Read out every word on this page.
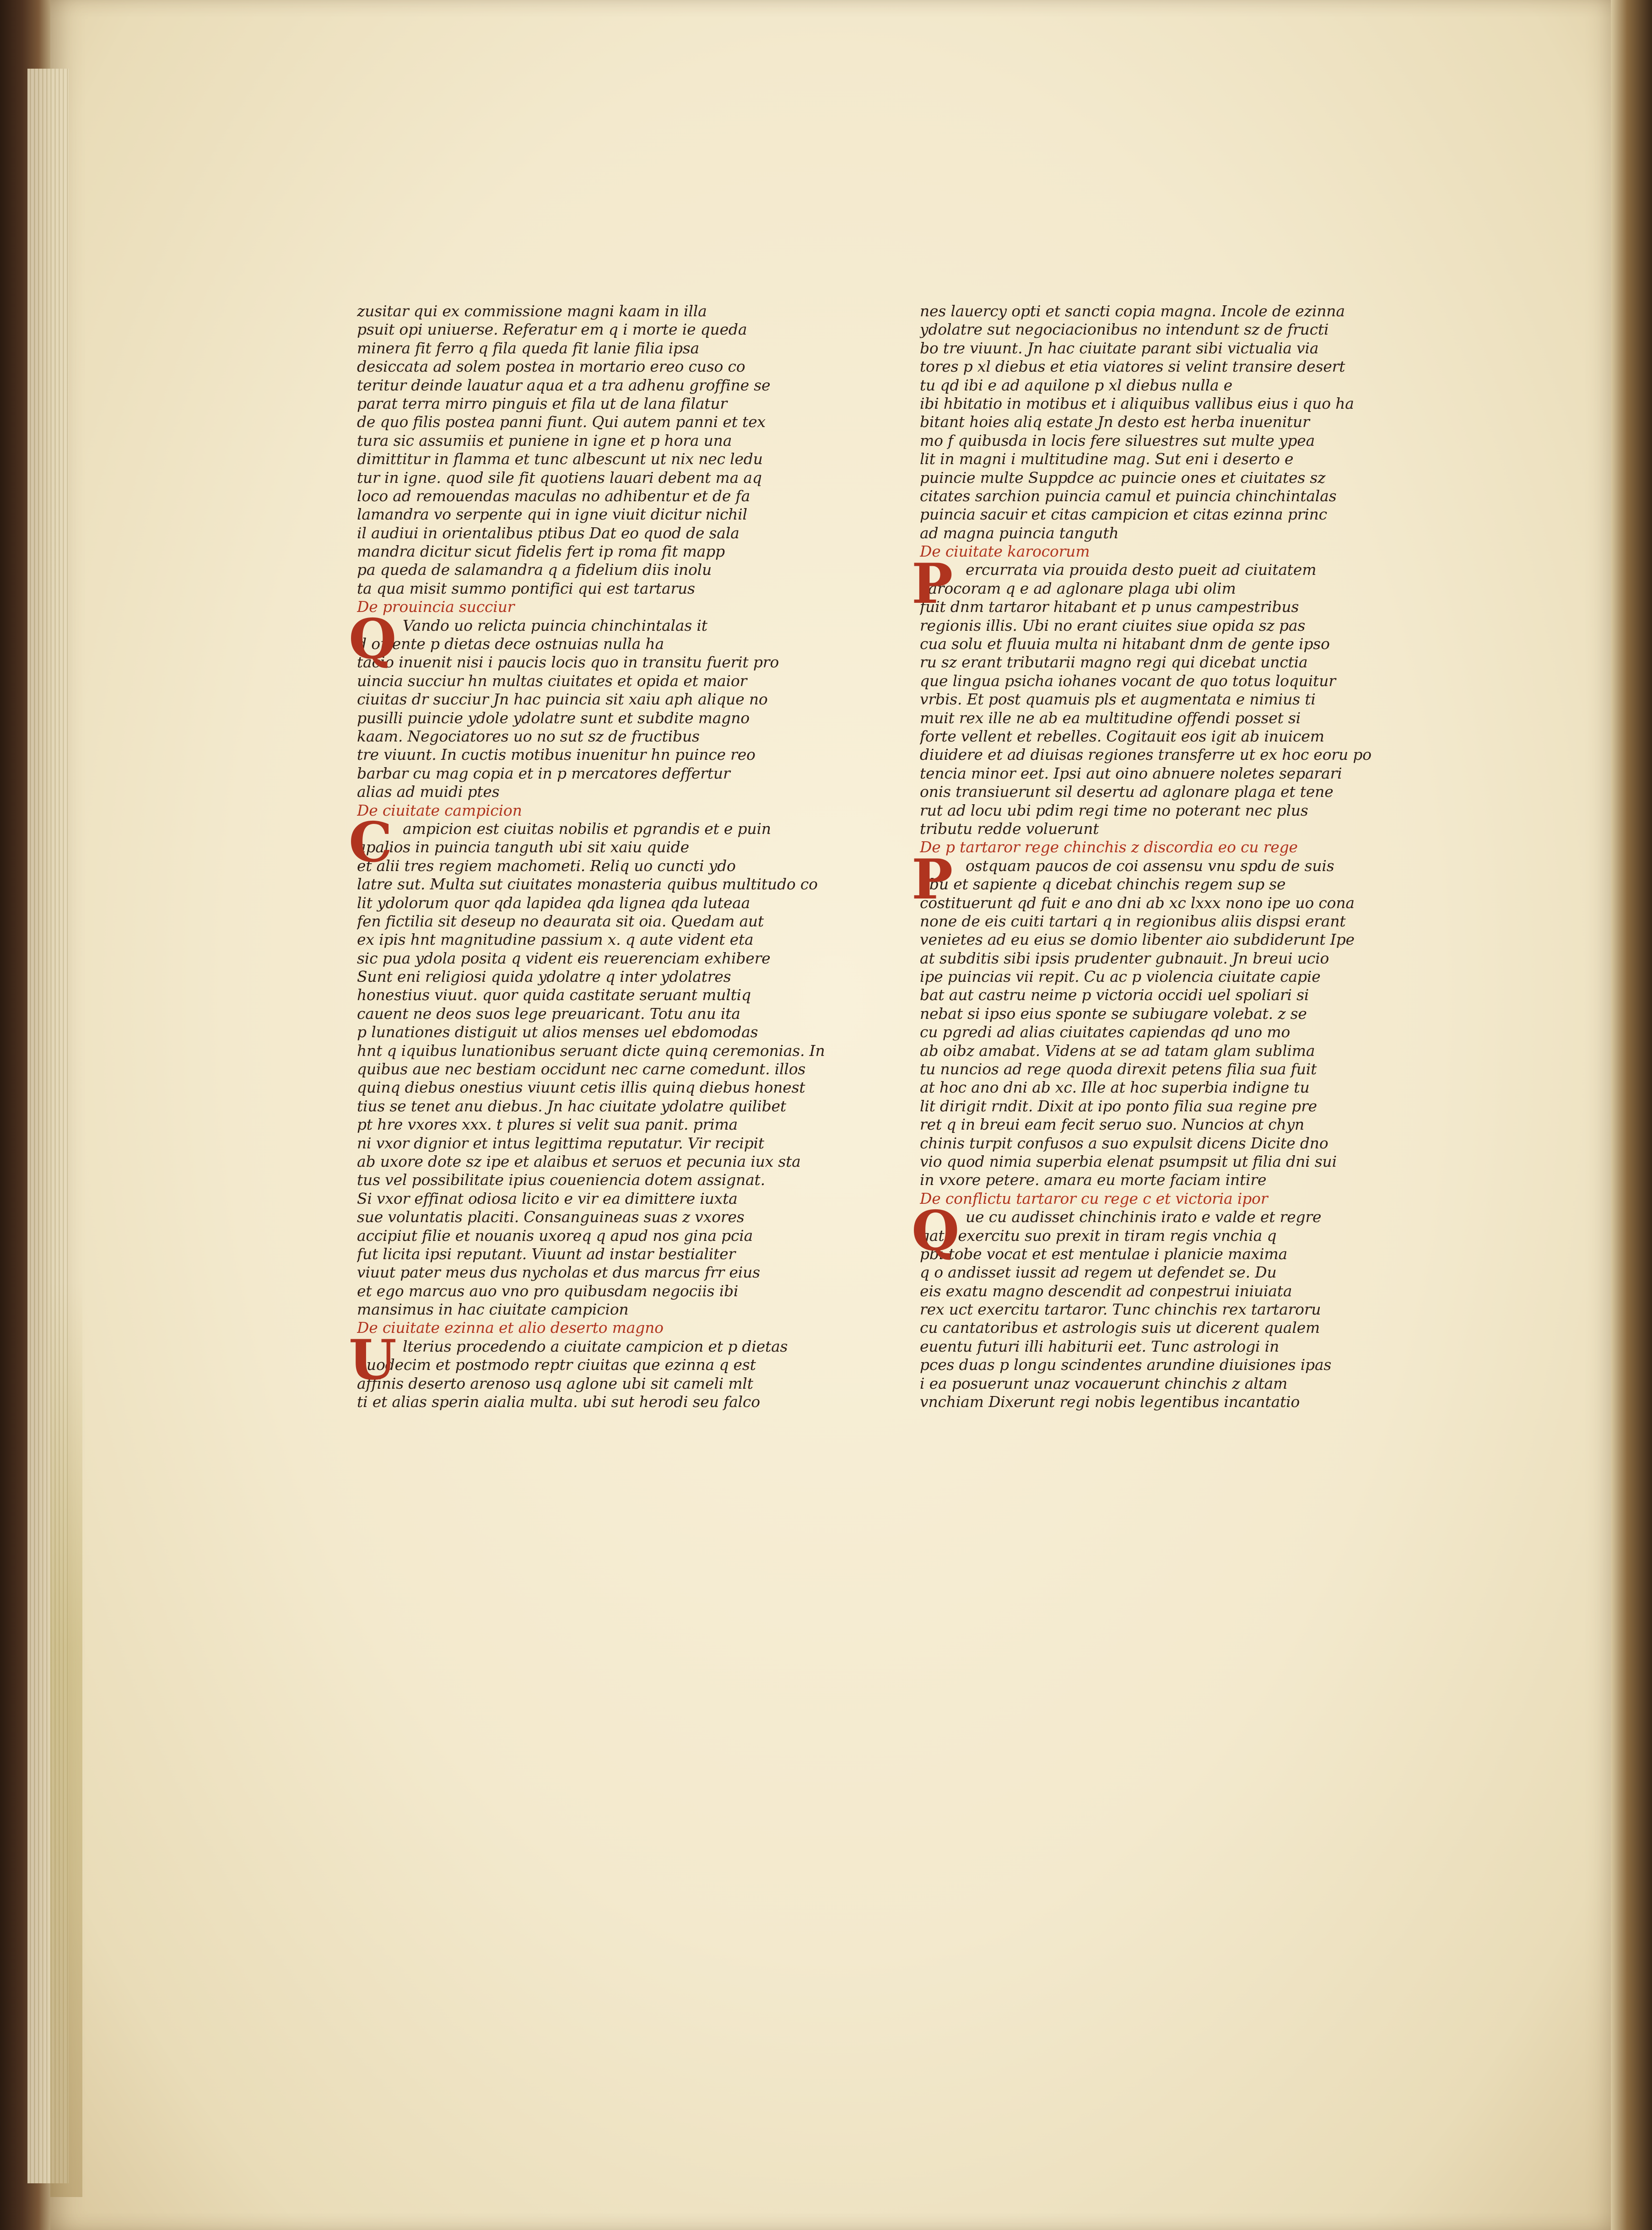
zusitar qui ex commissione magni kaam in illa
psuit opi uniuerse. Referatur em q i morte ie queda
minera fit ferro q fila queda fit lanie filia ipsa
desiccata ad solem postea in mortario ereo cuso co
teritur deinde lauatur aqua et a tra adhenu groffine se
parat terra mirro pinguis et fila ut de lana filatur
de quo filis postea panni fiunt. Qui autem panni et tex
tura sic assumiis et puniene in igne et p hora una
dimittitur in flamma et tunc albescunt ut nix nec ledu
tur in igne. quod sile fit quotiens lauari debent ma aq
loco ad remouendas maculas no adhibentur et de fa
lamandra vo serpente qui in igne viuit dicitur nichil
il audiui in orientalibus ptibus Dat eo quod de sala
mandra dicitur sicut fidelis fert ip roma fit mapp
pa queda de salamandra q a fidelium diis inolu
ta qua misit summo pontifici qui est tartarus
De prouincia succiur
Q Vando uo relicta puincia chinchintalas it
d oriente p dietas dece ostnuias nulla ha
tacio inuenit nisi i paucis locis quo in transitu fuerit pro
uincia succiur hn multas ciuitates et opida et maior
ciuitas dr succiur Jn hac puincia sit xaiu aph alique no
pusilli puincie ydole ydolatre sunt et subdite magno
kaam. Negociatores uo no sut sz de fructibus
tre viuunt. In cuctis motibus inuenitur hn puince reo
barbar cu mag copia et in p mercatores deffertur
alias ad muidi ptes
De ciuitate campicion
C ampicion est ciuitas nobilis et pgrandis et e puin
apalios in puincia tanguth ubi sit xaiu quide
et alii tres regiem machometi. Reliq uo cuncti ydo
latre sut. Multa sut ciuitates monasteria quibus multitudo co
lit ydolorum quor qda lapidea qda lignea qda luteaa
fen fictilia sit deseup no deaurata sit oia. Quedam aut
ex ipis hnt magnitudine passium x. q aute vident eta
sic pua ydola posita q vident eis reuerenciam exhibere
Sunt eni religiosi quida ydolatre q inter ydolatres
honestius viuut. quor quida castitate seruant multiq
cauent ne deos suos lege preuaricant. Totu anu ita
p lunationes distiguit ut alios menses uel ebdomodas
hnt q iquibus lunationibus seruant dicte quinq ceremonias. In
quibus aue nec bestiam occidunt nec carne comedunt. illos
quinq diebus onestius viuunt cetis illis quinq diebus honest
tius se tenet anu diebus. Jn hac ciuitate ydolatre quilibet
pt hre vxores xxx. t plures si velit sua panit. prima
ni vxor dignior et intus legittima reputatur. Vir recipit
ab uxore dote sz ipe et alaibus et seruos et pecunia iux sta
tus vel possibilitate ipius coueniencia dotem assignat.
Si vxor effinat odiosa licito e vir ea dimittere iuxta
sue voluntatis placiti. Consanguineas suas z vxores
accipiut filie et nouanis uxoreq q apud nos gina pcia
fut licita ipsi reputant. Viuunt ad instar bestialiter
viuut pater meus dus nycholas et dus marcus frr eius
et ego marcus auo vno pro quibusdam negociis ibi
mansimus in hac ciuitate campicion
De ciuitate ezinna et alio deserto magno
U lterius procedendo a ciuitate campicion et p dietas
duodecim et postmodo reptr ciuitas que ezinna q est
affinis deserto arenoso usq aglone ubi sit cameli mlt
ti et alias sperin aialia multa. ubi sut herodi seu falco
nes lauercy opti et sancti copia magna. Incole de ezinna
ydolatre sut negociacionibus no intendunt sz de fructi
bo tre viuunt. Jn hac ciuitate parant sibi victualia via
tores p xl diebus et etia viatores si velint transire desert
tu qd ibi e ad aquilone p xl diebus nulla e
ibi hbitatio in motibus et i aliquibus vallibus eius i quo ha
bitant hoies aliq estate Jn desto est herba inuenitur
mo f quibusda in locis fere siluestres sut multe ypea
lit in magni i multitudine mag. Sut eni i deserto e
puincie multe Suppdce ac puincie ones et ciuitates sz
citates sarchion puincia camul et puincia chinchintalas
puincia sacuir et citas campicion et citas ezinna princ
ad magna puincia tanguth
De ciuitate karocorum
P ercurrata via prouida desto pueit ad ciuitatem
carocoram q e ad aglonare plaga ubi olim
fuit dnm tartaror hitabant et p unus campestribus
regionis illis. Ubi no erant ciuites siue opida sz pas
cua solu et fluuia multa ni hitabant dnm de gente ipso
ru sz erant tributarii magno regi qui dicebat unctia
que lingua psicha iohanes vocant de quo totus loquitur
vrbis. Et post quamuis pls et augmentata e nimius ti
muit rex ille ne ab ea multitudine offendi posset si
forte vellent et rebelles. Cogitauit eos igit ab inuicem
diuidere et ad diuisas regiones transferre ut ex hoc eoru po
tencia minor eet. Ipsi aut oino abnuere noletes separari
onis transiuerunt sil desertu ad aglonare plaga et tene
rut ad locu ubi pdim regi time no poterant nec plus
tributu redde voluerunt
De p tartaror rege chinchis z discordia eo cu rege
P ostquam paucos de coi assensu vnu spdu de suis
pbu et sapiente q dicebat chinchis regem sup se
costituerunt qd fuit e ano dni ab xc lxxx nono ipe uo cona
none de eis cuiti tartari q in regionibus aliis dispsi erant
venietes ad eu eius se domio libenter aio subdiderunt Ipe
at subditis sibi ipsis prudenter gubnauit. Jn breui ucio
ipe puincias vii repit. Cu ac p violencia ciuitate capie
bat aut castru neime p victoria occidi uel spoliari si
nebat si ipso eius sponte se subiugare volebat. z se
cu pgredi ad alias ciuitates capiendas qd uno mo
ab oibz amabat. Videns at se ad tatam glam sublima
tu nuncios ad rege quoda direxit petens filia sua fuit
at hoc ano dni ab xc. Ille at hoc superbia indigne tu
lit dirigit rndit. Dixit at ipo ponto filia sua regine pre
ret q in breui eam fecit seruo suo. Nuncios at chyn
chinis turpit confusos a suo expulsit dicens Dicite dno
vio quod nimia superbia elenat psumpsit ut filia dni sui
in vxore petere. amara eu morte faciam intire
De conflictu tartaror cu rege c et victoria ipor
Q ue cu audisset chinchinis irato e valde et regre
gato exercitu suo prexit in tiram regis vnchia q
pbi tobe vocat et est mentulae i planicie maxima
q o andisset iussit ad regem ut defendet se. Du
eis exatu magno descendit ad conpestrui iniuiata
rex uct exercitu tartaror. Tunc chinchis rex tartaroru
cu cantatoribus et astrologis suis ut dicerent qualem
euentu futuri illi habiturii eet. Tunc astrologi in
pces duas p longu scindentes arundine diuisiones ipas
i ea posuerunt unaz vocauerunt chinchis z altam
vnchiam Dixerunt regi nobis legentibus incantatio
